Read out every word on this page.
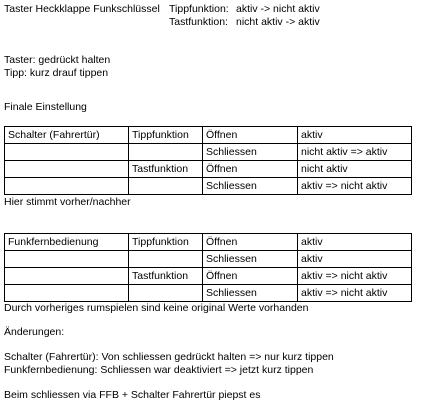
Taster Heckklappe Funkschlüssel Tippfunktion: aktiv -> nicht aktiv
Tastfunktion: nicht aktiv -> aktiv
Taster: gedrückt halten
Tipp: kurz drauf tippen
Finale Einstellung
Schalter (Fahrertür)	Tippfunktion	Öffnen	aktiv
		Schliessen	nicht aktiv => aktiv
	Tastfunktion	Öffnen	nicht aktiv
		Schliessen	aktiv => nicht aktiv
Hier stimmt vorher/nachher
Funkfernbedienung	Tippfunktion	Öffnen	aktiv
		Schliessen	aktiv
	Tastfunktion	Öffnen	aktiv => nicht aktiv
		Schliessen	aktiv => nicht aktiv
Durch vorheriges rumspielen sind keine original Werte vorhanden
Änderungen:
Schalter (Fahrertür): Von schliessen gedrückt halten => nur kurz tippen
Funkfernbedienung: Schliessen war deaktiviert => jetzt kurz tippen
Beim schliessen via FFB + Schalter Fahrertür piepst es
